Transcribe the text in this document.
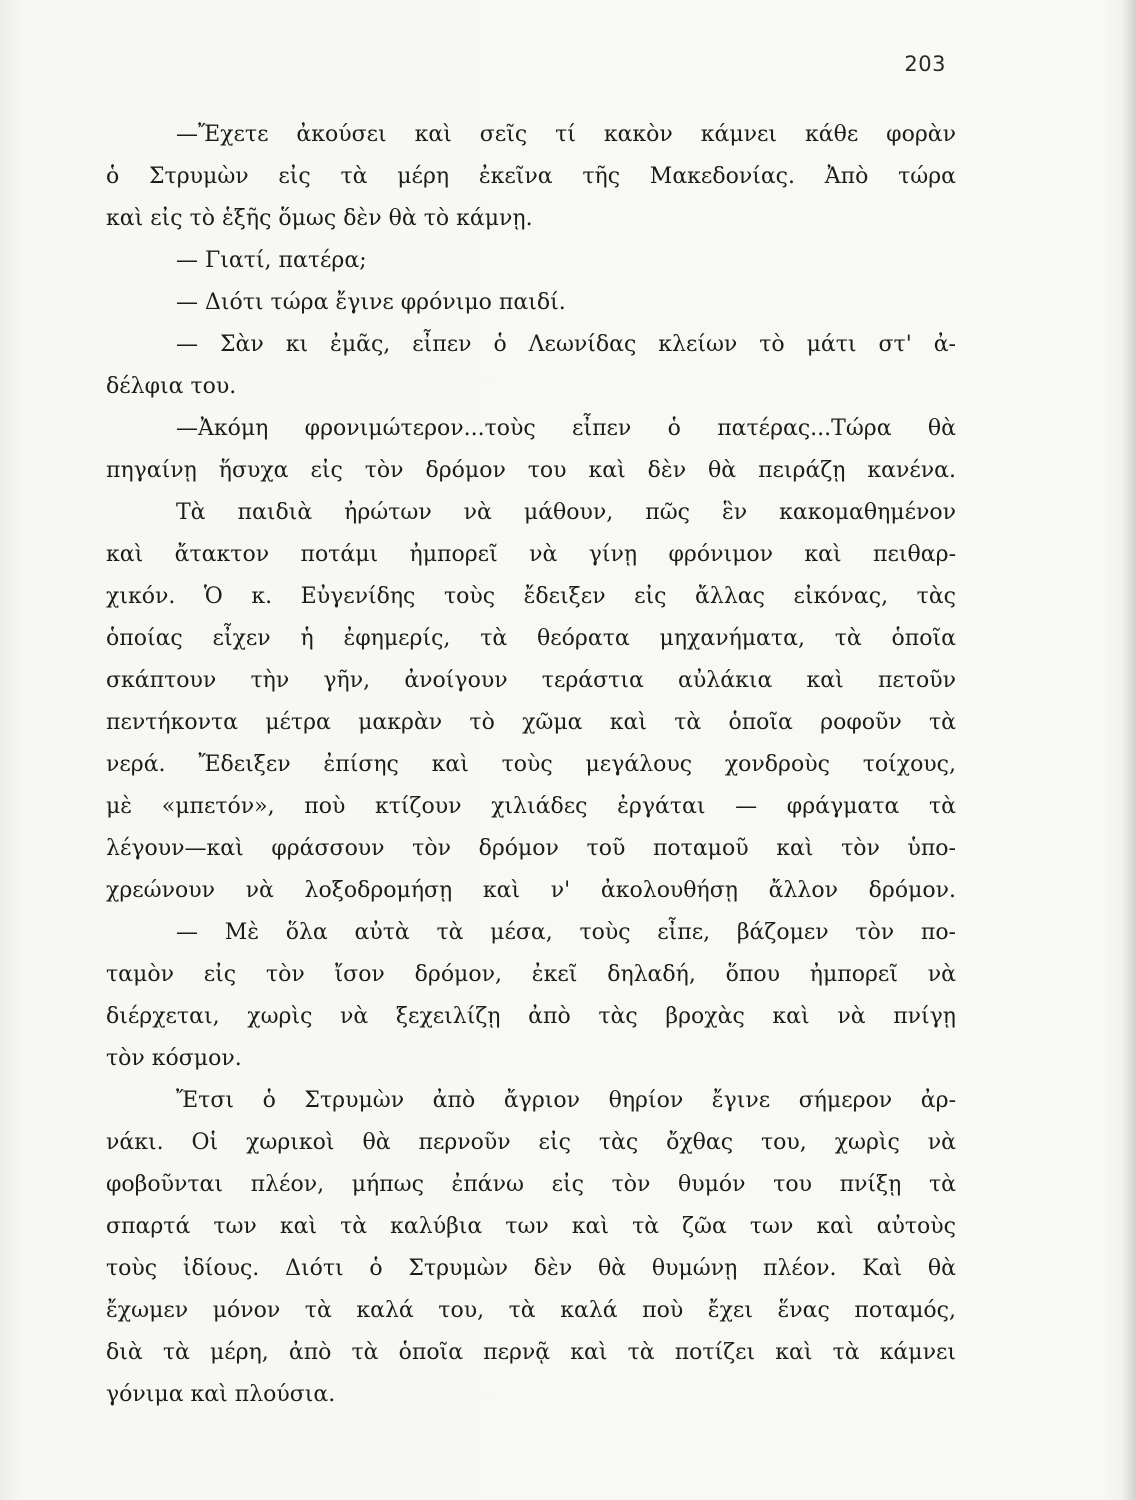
203
—Ἔχετε ἀκούσει καὶ σεῖς τί κακὸν κάμνει κάθε φορὰν
ὁ Στρυμὼν εἰς τὰ μέρη ἐκεῖνα τῆς Μακεδονίας. Ἀπὸ τώρα
καὶ εἰς τὸ ἑξῆς ὅμως δὲν θὰ τὸ κάμνῃ.
— Γιατί, πατέρα;
— Διότι τώρα ἔγινε φρόνιμο παιδί.
— Σὰν κι ἐμᾶς, εἶπεν ὁ Λεωνίδας κλείων τὸ μάτι στ' ἀ-
δέλφια του.
—Ἀκόμη φρονιμώτερον...τοὺς εἶπεν ὁ πατέρας...Τώρα θὰ
πηγαίνῃ ἥσυχα εἰς τὸν δρόμον του καὶ δὲν θὰ πειράζῃ κανένα.
Τὰ παιδιὰ ἠρώτων νὰ μάθουν, πῶς ἓν κακομαθημένον
καὶ ἄτακτον ποτάμι ἠμπορεῖ νὰ γίνῃ φρόνιμον καὶ πειθαρ-
χικόν. Ὁ κ. Εὐγενίδης τοὺς ἔδειξεν εἰς ἄλλας εἰκόνας, τὰς
ὁποίας εἶχεν ἡ ἐφημερίς, τὰ θεόρατα μηχανήματα, τὰ ὁποῖα
σκάπτουν τὴν γῆν, ἀνοίγουν τεράστια αὐλάκια καὶ πετοῦν
πεντήκοντα μέτρα μακρὰν τὸ χῶμα καὶ τὰ ὁποῖα ροφοῦν τὰ
νερά. Ἔδειξεν ἐπίσης καὶ τοὺς μεγάλους χονδροὺς τοίχους,
μὲ «μπετόν», ποὺ κτίζουν χιλιάδες ἐργάται — φράγματα τὰ
λέγουν—καὶ φράσσουν τὸν δρόμον τοῦ ποταμοῦ καὶ τὸν ὑπο-
χρεώνουν νὰ λοξοδρομήσῃ καὶ ν' ἀκολουθήσῃ ἄλλον δρόμον.
— Μὲ ὅλα αὐτὰ τὰ μέσα, τοὺς εἶπε, βάζομεν τὸν πο-
ταμὸν εἰς τὸν ἴσον δρόμον, ἐκεῖ δηλαδή, ὅπου ἠμπορεῖ νὰ
διέρχεται, χωρὶς νὰ ξεχειλίζῃ ἀπὸ τὰς βροχὰς καὶ νὰ πνίγῃ
τὸν κόσμον.
Ἔτσι ὁ Στρυμὼν ἀπὸ ἄγριον θηρίον ἔγινε σήμερον ἀρ-
νάκι. Οἱ χωρικοὶ θὰ περνοῦν εἰς τὰς ὄχθας του, χωρὶς νὰ
φοβοῦνται πλέον, μήπως ἐπάνω εἰς τὸν θυμόν του πνίξῃ τὰ
σπαρτά των καὶ τὰ καλύβια των καὶ τὰ ζῶα των καὶ αὐτοὺς
τοὺς ἰδίους. Διότι ὁ Στρυμὼν δὲν θὰ θυμώνῃ πλέον. Καὶ θὰ
ἔχωμεν μόνον τὰ καλά του, τὰ καλά ποὺ ἔχει ἕνας ποταμός,
διὰ τὰ μέρη, ἀπὸ τὰ ὁποῖα περνᾷ καὶ τὰ ποτίζει καὶ τὰ κάμνει
γόνιμα καὶ πλούσια.
